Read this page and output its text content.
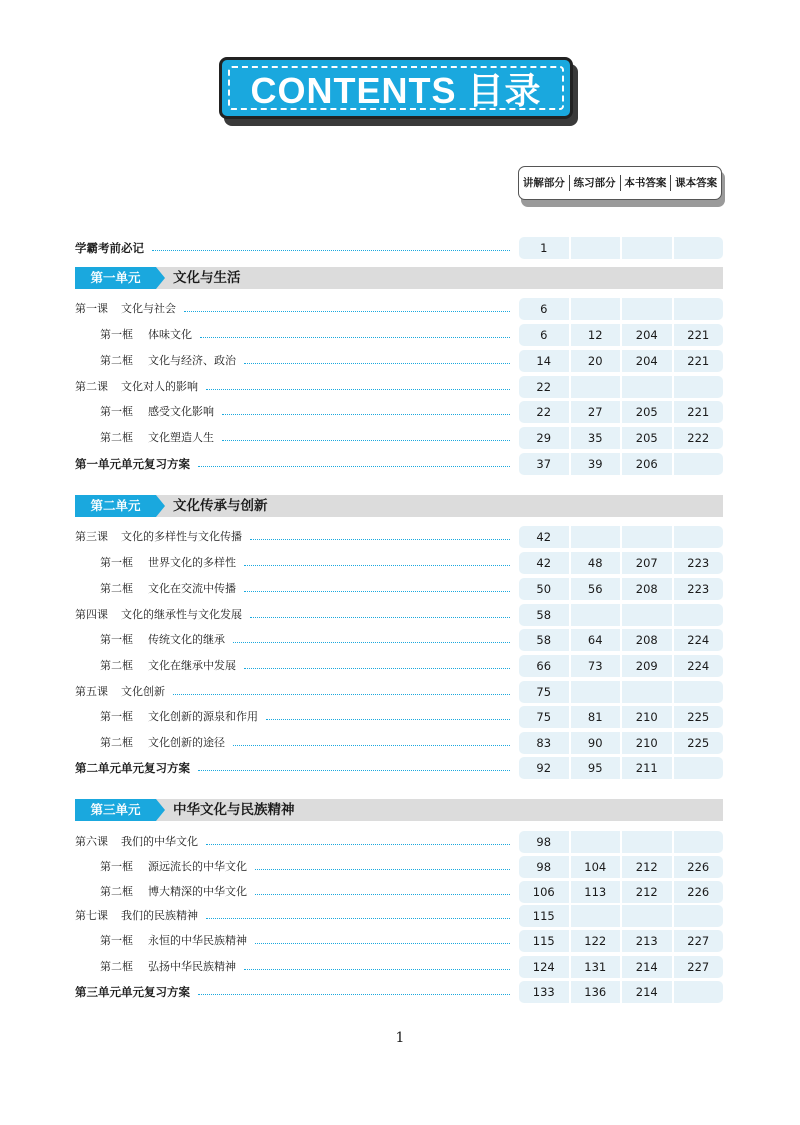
CONTENTS 目录
讲解部分 练习部分 本书答案 课本答案
学霸考前必记	1
第一单元	文化与生活
第一课 文化与社会	6
第一框 体味文化	6	12	204	221
第二框 文化与经济、政治	14	20	204	221
第二课 文化对人的影响	22
第一框 感受文化影响	22	27	205	221
第二框 文化塑造人生	29	35	205	222
第一单元单元复习方案	37	39	206
第二单元	文化传承与创新
第三课 文化的多样性与文化传播	42
第一框 世界文化的多样性	42	48	207	223
第二框 文化在交流中传播	50	56	208	223
第四课 文化的继承性与文化发展	58
第一框 传统文化的继承	58	64	208	224
第二框 文化在继承中发展	66	73	209	224
第五课 文化创新	75
第一框 文化创新的源泉和作用	75	81	210	225
第二框 文化创新的途径	83	90	210	225
第二单元单元复习方案	92	95	211
第三单元	中华文化与民族精神
第六课 我们的中华文化	98
第一框 源远流长的中华文化	98	104	212	226
第二框 博大精深的中华文化	106	113	212	226
第七课 我们的民族精神	115
第一框 永恒的中华民族精神	115	122	213	227
第二框 弘扬中华民族精神	124	131	214	227
第三单元单元复习方案	133	136	214
1
